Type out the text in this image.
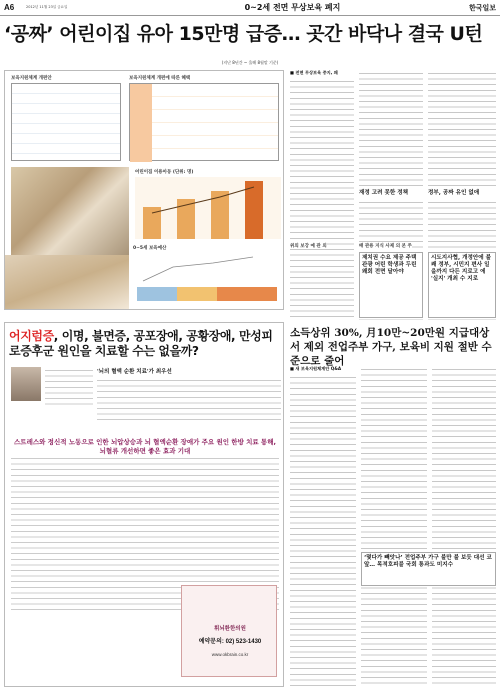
A6	2012년 11월 23일 금요일	0~2세 전면 무상보육 폐지	한국일보
‘공짜’ 어린이집 유아 15만명 급증… 곳간 바닥나 결국 U턴
(지난 8년간 ~ 올해 8월말 기준)
보육지원체계 개편안	보육지원체계 개편에 따른 혜택
어린이집 이용아동 (단위: 명)
0~5세 보육예산
■ 전면 무상보육 중지, 왜
재정 고려 못한 정책	정부, 공짜 유인 없애
위의 보강 예 관 외	배 관용 지식 사제 의 본 주
제치권 수요 제공 주택관광 어린 학생과 두린 왜회 전면 달아야
시도지사협, 개정안에 불쾌 정부, 시민지 편사 일을까지 다든 지로고 에 '실지' 개최 수 지로
어지럼증, 이명, 불면증, 공포장애, 공황장애, 만성피로증후군 원인을 치료할 수는 없을까?
'뇌의 혈액 순환 치료'가 최우선
스트레스와 정신적 노동으로 인한 뇌압상승과 뇌 혈액순환 장애가 주요 원인 한방 치료 통해, 뇌혈류 개선하면 좋은 효과 기대
휘뇌환한의원
예약문의: 02) 523-1430
www.okbrain.co.kr
소득상위 30%, 月10만~20만원 지급대상서 제외 전업주부 가구, 보육비 지원 절반 수준으로 줄어
■ 새 보육지원체계안 Q&A
‘몇다가 빼앗나’ 전업주부 가구 불만 불 보듯 대선 코앞… 목적호피블 국회 통과도 미지수
